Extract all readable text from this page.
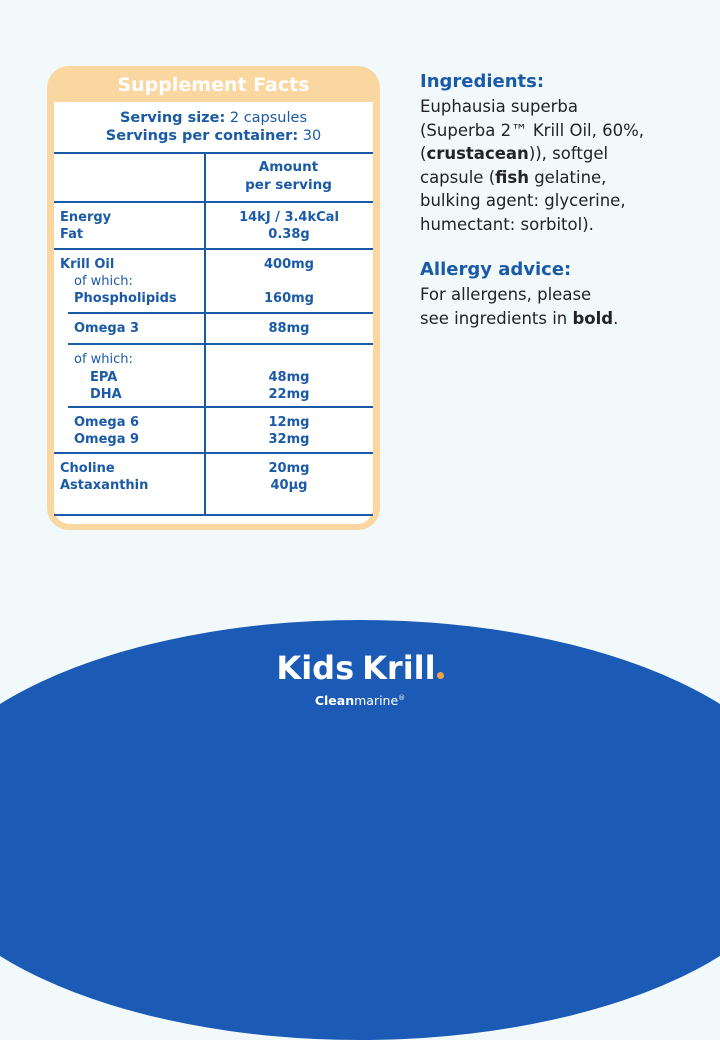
Supplement Facts
Serving size: 2 capsules
Servings per container: 30
Amount
per serving
Energy	14kJ / 3.4kCal
Fat	0.38g
Krill Oil	400mg
of which:
Phospholipids	160mg
Omega 3	88mg
of which:
EPA	48mg
DHA	22mg
Omega 6	12mg
Omega 9	32mg
Choline	20mg
Astaxanthin	40µg
Ingredients:
Euphausia superba
(Superba 2™ Krill Oil, 60%,
(crustacean)), softgel
capsule (fish gelatine,
bulking agent: glycerine,
humectant: sorbitol).
Allergy advice:
For allergens, please
see ingredients in bold.
Kids Krill
Cleanmarine®
